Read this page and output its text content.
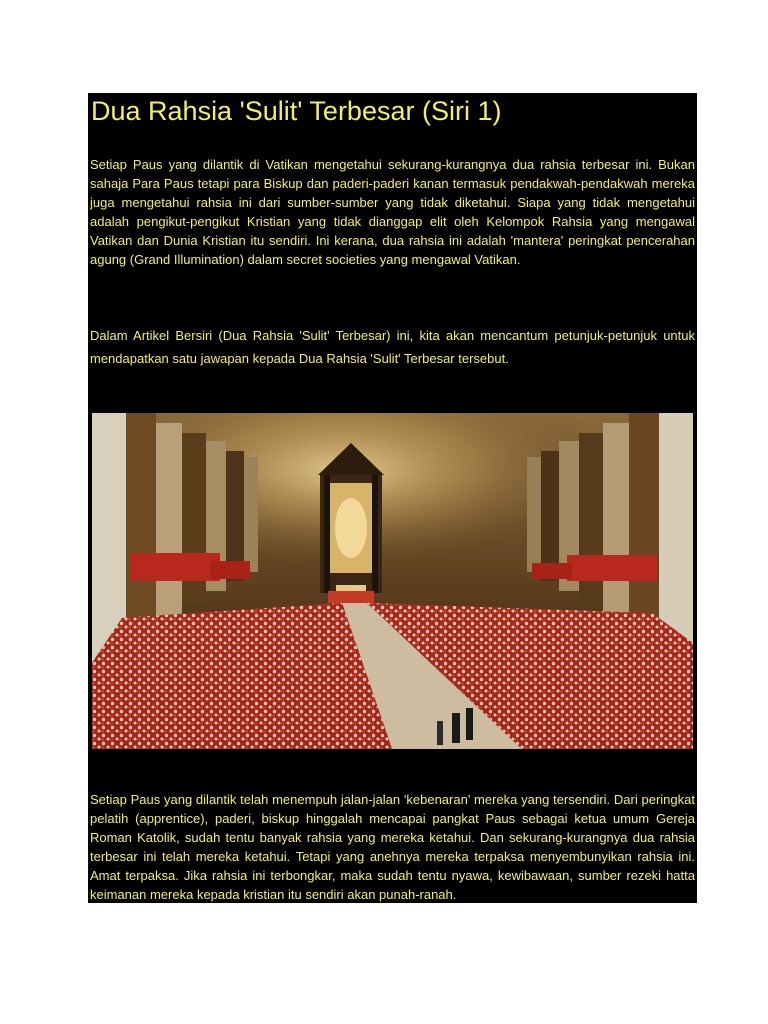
Dua Rahsia 'Sulit' Terbesar (Siri 1)

Setiap Paus yang dilantik di Vatikan mengetahui sekurang-kurangnya dua rahsia terbesar ini. Bukan sahaja Para Paus tetapi para Biskup dan paderi-paderi kanan termasuk pendakwah-pendakwah mereka juga mengetahui rahsia ini dari sumber-sumber yang tidak diketahui. Siapa yang tidak mengetahui adalah pengikut-pengikut Kristian yang tidak dianggap elit oleh Kelompok Rahsia yang mengawal Vatikan dan Dunia Kristian itu sendiri. Ini kerana, dua rahsia ini adalah 'mantera' peringkat pencerahan agung (Grand Illumination) dalam secret societies yang mengawal Vatikan.

Dalam Artikel Bersiri (Dua Rahsia 'Sulit' Terbesar) ini, kita akan mencantum petunjuk-petunjuk untuk mendapatkan satu jawapan kepada Dua Rahsia 'Sulit' Terbesar tersebut.

Setiap Paus yang dilantik telah menempuh jalan-jalan 'kebenaran' mereka yang tersendiri. Dari peringkat pelatih (apprentice), paderi, biskup hinggalah mencapai pangkat Paus sebagai ketua umum Gereja Roman Katolik, sudah tentu banyak rahsia yang mereka ketahui. Dan sekurang-kurangnya dua rahsia terbesar ini telah mereka ketahui. Tetapi yang anehnya mereka terpaksa menyembunyikan rahsia ini. Amat terpaksa. Jika rahsia ini terbongkar, maka sudah tentu nyawa, kewibawaan, sumber rezeki hatta keimanan mereka kepada kristian itu sendiri akan punah-ranah.
